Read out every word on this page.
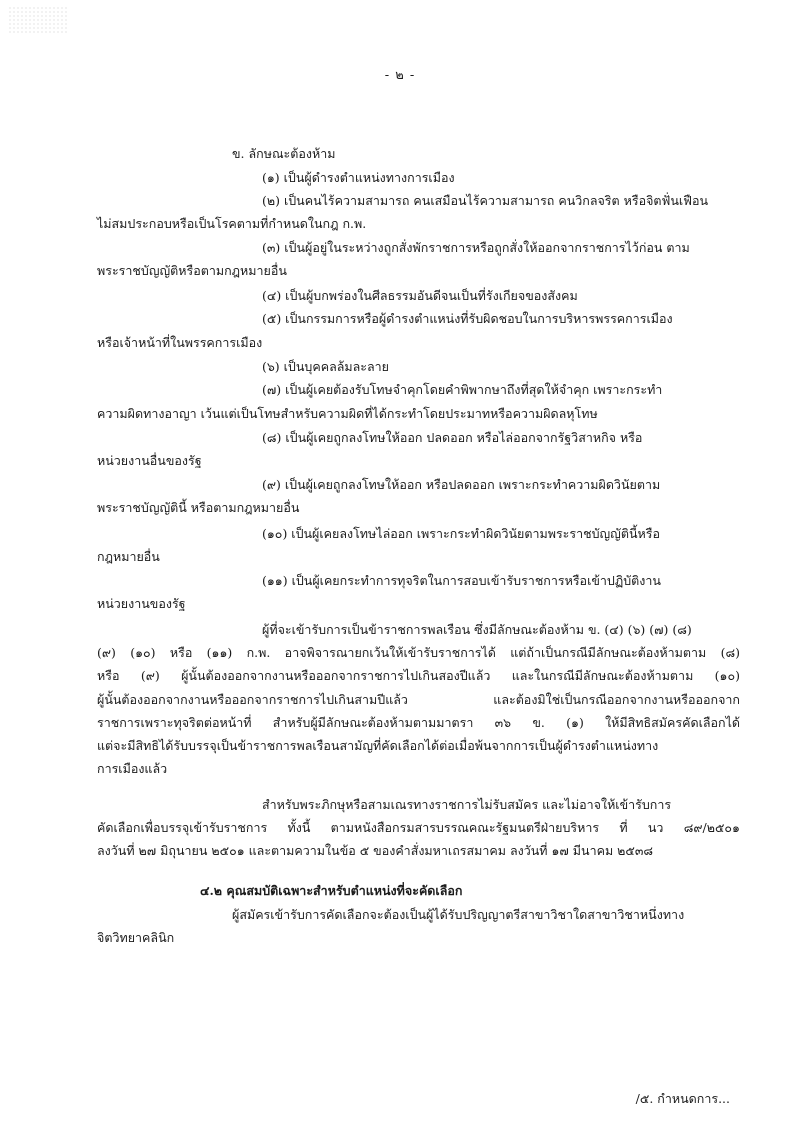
- ๒ -
ข. ลักษณะต้องห้าม
(๑) เป็นผู้ดำรงตำแหน่งทางการเมือง
(๒) เป็นคนไร้ความสามารถ คนเสมือนไร้ความสามารถ คนวิกลจริต หรือจิตฟั่นเฟือน
ไม่สมประกอบหรือเป็นโรคตามที่กำหนดในกฎ ก.พ.
(๓) เป็นผู้อยู่ในระหว่างถูกสั่งพักราชการหรือถูกสั่งให้ออกจากราชการไว้ก่อน ตาม
พระราชบัญญัติหรือตามกฎหมายอื่น
(๔) เป็นผู้บกพร่องในศีลธรรมอันดีจนเป็นที่รังเกียจของสังคม
(๕) เป็นกรรมการหรือผู้ดำรงตำแหน่งที่รับผิดชอบในการบริหารพรรคการเมือง
หรือเจ้าหน้าที่ในพรรคการเมือง
(๖) เป็นบุคคลล้มละลาย
(๗) เป็นผู้เคยต้องรับโทษจำคุกโดยคำพิพากษาถึงที่สุดให้จำคุก เพราะกระทำ
ความผิดทางอาญา เว้นแต่เป็นโทษสำหรับความผิดที่ได้กระทำโดยประมาทหรือความผิดลหุโทษ
(๘) เป็นผู้เคยถูกลงโทษให้ออก ปลดออก หรือไล่ออกจากรัฐวิสาหกิจ หรือ
หน่วยงานอื่นของรัฐ
(๙) เป็นผู้เคยถูกลงโทษให้ออก หรือปลดออก เพราะกระทำความผิดวินัยตาม
พระราชบัญญัตินี้ หรือตามกฎหมายอื่น
(๑๐) เป็นผู้เคยลงโทษไล่ออก เพราะกระทำผิดวินัยตามพระราชบัญญัตินี้หรือ
กฎหมายอื่น
(๑๑) เป็นผู้เคยกระทำการทุจริตในการสอบเข้ารับราชการหรือเข้าปฏิบัติงาน
หน่วยงานของรัฐ
ผู้ที่จะเข้ารับการเป็นข้าราชการพลเรือน ซึ่งมีลักษณะต้องห้าม ข. (๔) (๖) (๗) (๘)
(๙) (๑๐) หรือ (๑๑) ก.พ. อาจพิจารณายกเว้นให้เข้ารับราชการได้ แต่ถ้าเป็นกรณีมีลักษณะต้องห้ามตาม (๘)
หรือ (๙) ผู้นั้นต้องออกจากงานหรือออกจากราชการไปเกินสองปีแล้ว และในกรณีมีลักษณะต้องห้ามตาม (๑๐)
ผู้นั้นต้องออกจากงานหรือออกจากราชการไปเกินสามปีแล้ว และต้องมิใช่เป็นกรณีออกจากงานหรือออกจาก
ราชการเพราะทุจริตต่อหน้าที่ สำหรับผู้มีลักษณะต้องห้ามตามมาตรา ๓๖ ข. (๑) ให้มีสิทธิสมัครคัดเลือกได้
แต่จะมีสิทธิได้รับบรรจุเป็นข้าราชการพลเรือนสามัญที่คัดเลือกได้ต่อเมื่อพ้นจากการเป็นผู้ดำรงตำแหน่งทาง
การเมืองแล้ว
สำหรับพระภิกษุหรือสามเณรทางราชการไม่รับสมัคร และไม่อาจให้เข้ารับการ
คัดเลือกเพื่อบรรจุเข้ารับราชการ ทั้งนี้ ตามหนังสือกรมสารบรรณคณะรัฐมนตรีฝ่ายบริหาร ที่ นว ๘๙/๒๕๐๑
ลงวันที่ ๒๗ มิถุนายน ๒๕๐๑ และตามความในข้อ ๕ ของคำสั่งมหาเถรสมาคม ลงวันที่ ๑๗ มีนาคม ๒๕๓๘
๔.๒ คุณสมบัติเฉพาะสำหรับตำแหน่งที่จะคัดเลือก
ผู้สมัครเข้ารับการคัดเลือกจะต้องเป็นผู้ได้รับปริญญาตรีสาขาวิชาใดสาขาวิชาหนึ่งทาง
จิตวิทยาคลินิก
/๕. กำหนดการ...
